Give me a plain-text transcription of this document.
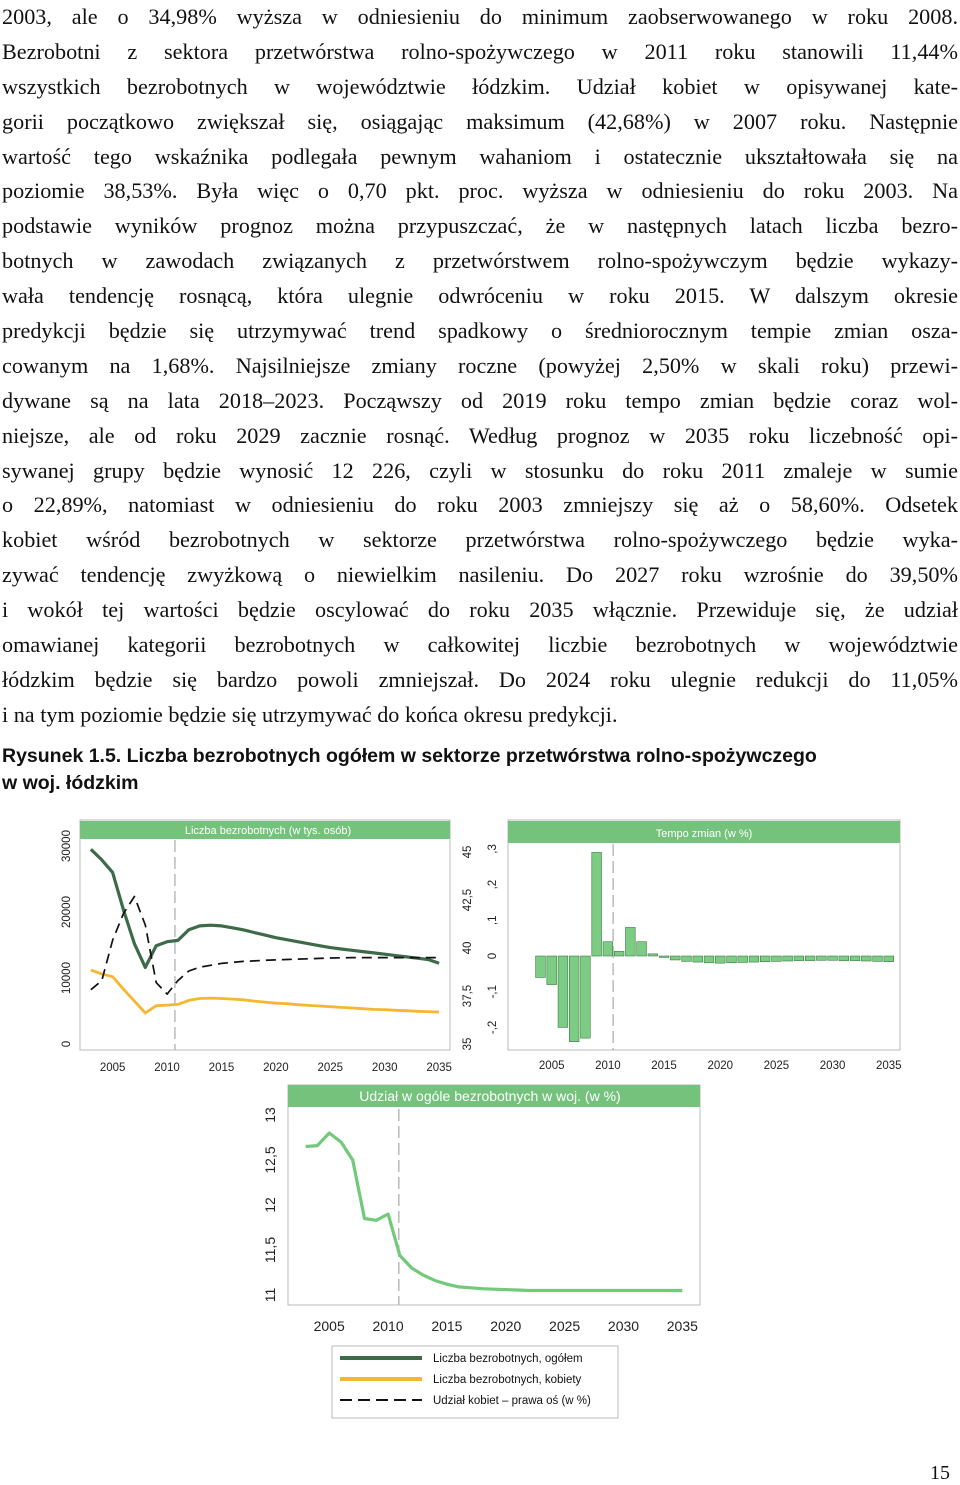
2003, ale o 34,98% wyższa w odniesieniu do minimum zaobserwowanego w roku 2008.
Bezrobotni z sektora przetwórstwa rolno-spożywczego w 2011 roku stanowili 11,44%
wszystkich bezrobotnych w województwie łódzkim. Udział kobiet w opisywanej kate-
gorii początkowo zwiększał się, osiągając maksimum (42,68%) w 2007 roku. Następnie
wartość tego wskaźnika podlegała pewnym wahaniom i ostatecznie ukształtowała się na
poziomie 38,53%. Była więc o 0,70 pkt. proc. wyższa w odniesieniu do roku 2003. Na
podstawie wyników prognoz można przypuszczać, że w następnych latach liczba bezro-
botnych w zawodach związanych z przetwórstwem rolno-spożywczym będzie wykazy-
wała tendencję rosnącą, która ulegnie odwróceniu w roku 2015. W dalszym okresie
predykcji będzie się utrzymywać trend spadkowy o średniorocznym tempie zmian osza-
cowanym na 1,68%. Najsilniejsze zmiany roczne (powyżej 2,50% w skali roku) przewi-
dywane są na lata 2018–2023. Począwszy od 2019 roku tempo zmian będzie coraz wol-
niejsze, ale od roku 2029 zacznie rosnąć. Według prognoz w 2035 roku liczebność opi-
sywanej grupy będzie wynosić 12 226, czyli w stosunku do roku 2011 zmaleje w sumie
o 22,89%, natomiast w odniesieniu do roku 2003 zmniejszy się aż o 58,60%. Odsetek
kobiet wśród bezrobotnych w sektorze przetwórstwa rolno-spożywczego będzie wyka-
zywać tendencję zwyżkową o niewielkim nasileniu. Do 2027 roku wzrośnie do 39,50%
i wokół tej wartości będzie oscylować do roku 2035 włącznie. Przewiduje się, że udział
omawianej kategorii bezrobotnych w całkowitej liczbie bezrobotnych w województwie
łódzkim będzie się bardzo powoli zmniejszał. Do 2024 roku ulegnie redukcji do 11,05%
i na tym poziomie będzie się utrzymywać do końca okresu predykcji.
Rysunek 1.5. Liczba bezrobotnych ogółem w sektorze przetwórstwa rolno-spożywczego
w woj. łódzkim
Liczba bezrobotnych (w tys. osób)
0
10000
20000
30000
35
37,5
40
42,5
45
2005	2010	2015	2020	2025	2030	2035
Tempo zmian (w %)
-,2
-,1
0
,1
,2
,3
2005	2010	2015	2020	2025	2030	2035
Udział w ogóle bezrobotnych w woj. (w %)
11
11,5
12
12,5
13
2005 2010 2015 2020 2025 2030 2035
Liczba bezrobotnych, ogółem
Liczba bezrobotnych, kobiety
Udział kobiet – prawa oś (w %)
15
